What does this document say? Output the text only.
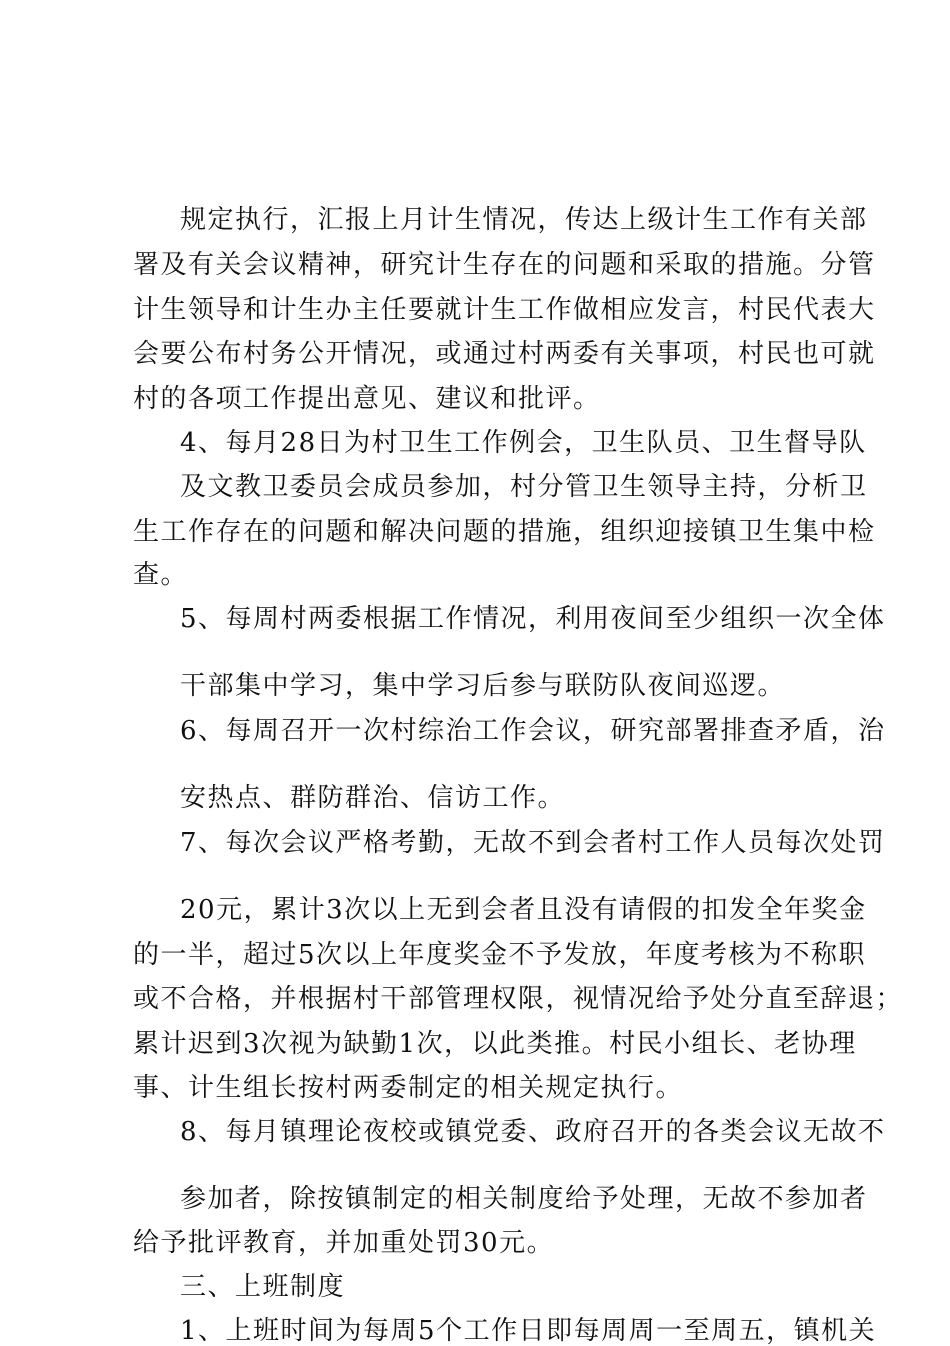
规定执行，汇报上月计生情况，传达上级计生工作有关部
署及有关会议精神，研究计生存在的问题和采取的措施。分管
计生领导和计生办主任要就计生工作做相应发言，村民代表大
会要公布村务公开情况，或通过村两委有关事项，村民也可就
村的各项工作提出意见、建议和批评。
4、每月28日为村卫生工作例会，卫生队员、卫生督导队
及文教卫委员会成员参加，村分管卫生领导主持，分析卫
生工作存在的问题和解决问题的措施，组织迎接镇卫生集中检
查。
5、每周村两委根据工作情况，利用夜间至少组织一次全体
干部集中学习，集中学习后参与联防队夜间巡逻。
6、每周召开一次村综治工作会议，研究部署排查矛盾，治
安热点、群防群治、信访工作。
7、每次会议严格考勤，无故不到会者村工作人员每次处罚
20元，累计3次以上无到会者且没有请假的扣发全年奖金
的一半，超过5次以上年度奖金不予发放，年度考核为不称职
或不合格，并根据村干部管理权限，视情况给予处分直至辞退；
累计迟到3次视为缺勤1次，以此类推。村民小组长、老协理
事、计生组长按村两委制定的相关规定执行。
8、每月镇理论夜校或镇党委、政府召开的各类会议无故不
参加者，除按镇制定的相关制度给予处理，无故不参加者
给予批评教育，并加重处罚30元。
三、上班制度
1、上班时间为每周5个工作日即每周周一至周五，镇机关
